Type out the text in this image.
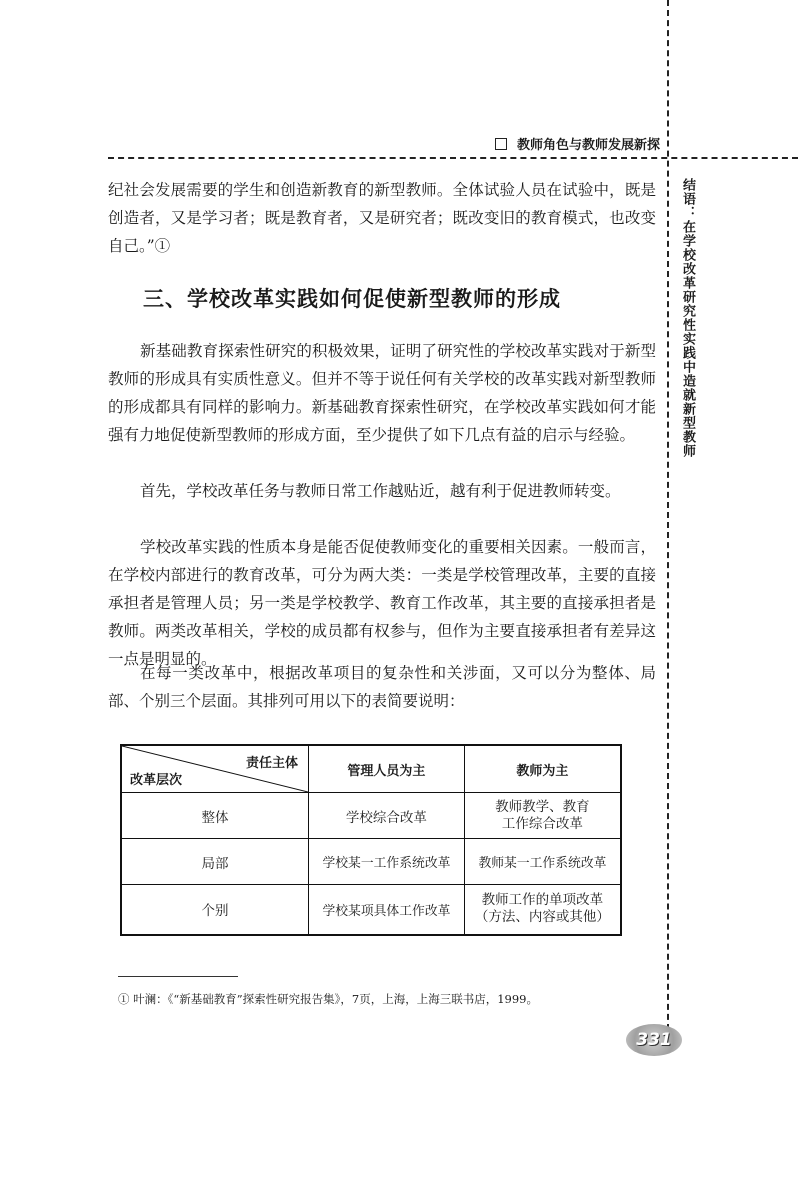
教师角色与教师发展新探
结语：在学校改革研究性实践中造就新型教师

纪社会发展需要的学生和创造新教育的新型教师。全体试验人员在试验中，既是创造者，又是学习者；既是教育者，又是研究者；既改变旧的教育模式，也改变自己。”①

三、学校改革实践如何促使新型教师的形成

新基础教育探索性研究的积极效果，证明了研究性的学校改革实践对于新型教师的形成具有实质性意义。但并不等于说任何有关学校的改革实践对新型教师的形成都具有同样的影响力。新基础教育探索性研究，在学校改革实践如何才能强有力地促使新型教师的形成方面，至少提供了如下几点有益的启示与经验。

首先，学校改革任务与教师日常工作越贴近，越有利于促进教师转变。

学校改革实践的性质本身是能否促使教师变化的重要相关因素。一般而言，在学校内部进行的教育改革，可分为两大类：一类是学校管理改革，主要的直接承担者是管理人员；另一类是学校教学、教育工作改革，其主要的直接承担者是教师。两类改革相关，学校的成员都有权参与，但作为主要直接承担者有差异这一点是明显的。

在每一类改革中，根据改革项目的复杂性和关涉面，又可以分为整体、局部、个别三个层面。其排列可用以下的表简要说明：

责任主体
改革层次	管理人员为主	教师为主
整体	学校综合改革	教师教学、教育
工作综合改革
局部	学校某一工作系统改革	教师某一工作系统改革
个别	学校某项具体工作改革	教师工作的单项改革
（方法、内容或其他）

① 叶澜：《“新基础教育”探索性研究报告集》，7页，上海，上海三联书店，1999。

331
